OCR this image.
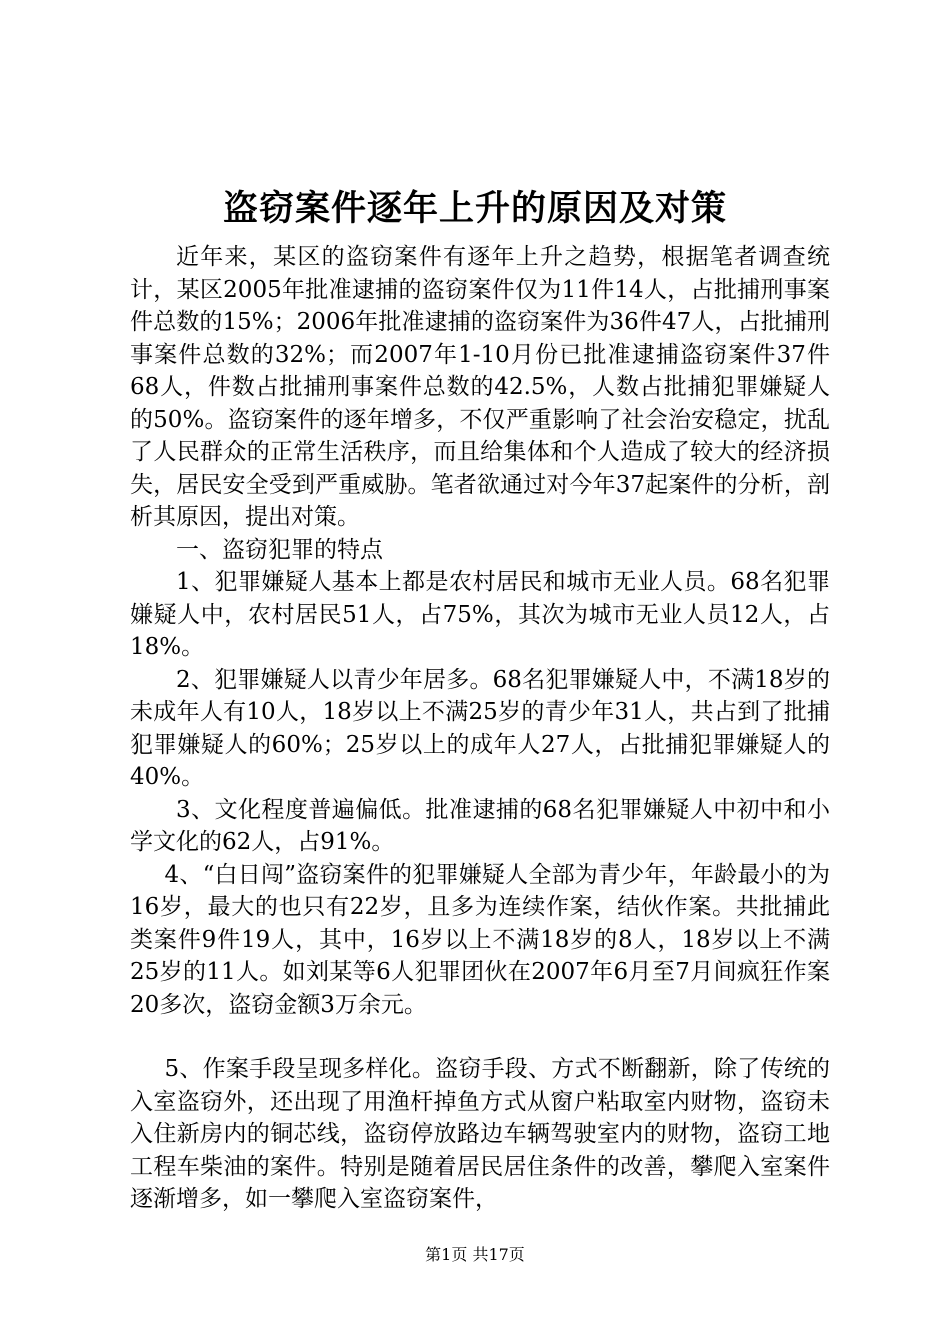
盗窃案件逐年上升的原因及对策

近年来，某区的盗窃案件有逐年上升之趋势，根据笔者调查统计，某区2005年批准逮捕的盗窃案件仅为11件14人，占批捕刑事案件总数的15%；2006年批准逮捕的盗窃案件为36件47人，占批捕刑事案件总数的32%；而2007年1-10月份已批准逮捕盗窃案件37件68人，件数占批捕刑事案件总数的42.5%，人数占批捕犯罪嫌疑人的50%。盗窃案件的逐年增多，不仅严重影响了社会治安稳定，扰乱了人民群众的正常生活秩序，而且给集体和个人造成了较大的经济损失，居民安全受到严重威胁。笔者欲通过对今年37起案件的分析，剖析其原因，提出对策。

一、盗窃犯罪的特点

1、犯罪嫌疑人基本上都是农村居民和城市无业人员。68名犯罪嫌疑人中，农村居民51人，占75%，其次为城市无业人员12人，占18%。

2、犯罪嫌疑人以青少年居多。68名犯罪嫌疑人中，不满18岁的未成年人有10人，18岁以上不满25岁的青少年31人，共占到了批捕犯罪嫌疑人的60%；25岁以上的成年人27人，占批捕犯罪嫌疑人的40%。

3、文化程度普遍偏低。批准逮捕的68名犯罪嫌疑人中初中和小学文化的62人，占91%。

4、“白日闯”盗窃案件的犯罪嫌疑人全部为青少年，年龄最小的为16岁，最大的也只有22岁，且多为连续作案，结伙作案。共批捕此类案件9件19人，其中，16岁以上不满18岁的8人，18岁以上不满25岁的11人。如刘某等6人犯罪团伙在2007年6月至7月间疯狂作案20多次，盗窃金额3万余元。

5、作案手段呈现多样化。盗窃手段、方式不断翻新，除了传统的入室盗窃外，还出现了用渔杆掉鱼方式从窗户粘取室内财物，盗窃未入住新房内的铜芯线，盗窃停放路边车辆驾驶室内的财物，盗窃工地工程车柴油的案件。特别是随着居民居住条件的改善，攀爬入室案件逐渐增多，如一攀爬入室盗窃案件，

第1页 共17页
